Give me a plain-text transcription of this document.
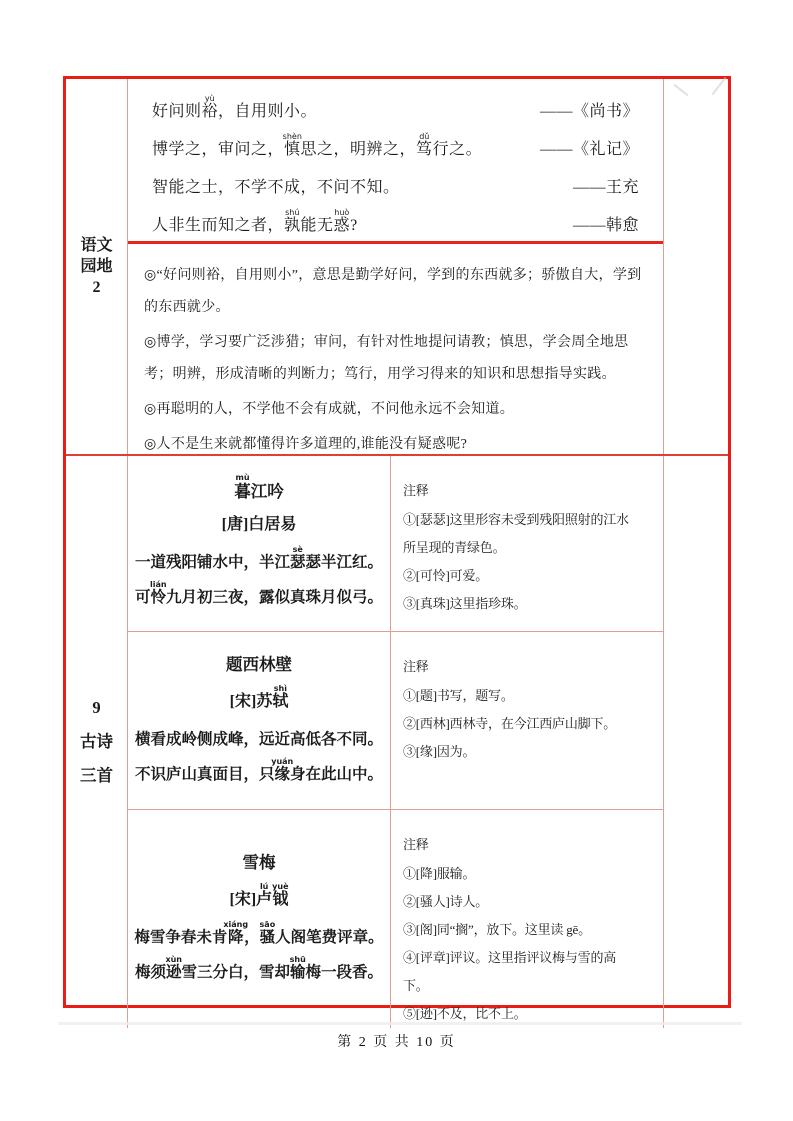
语文
园地
2
好问则裕yù，自用则小。	——《尚书》
博学之，审问之，慎shèn思之，明辨之，笃dǔ行之。	——《礼记》
智能之士，不学不成，不问不知。	——王充
人非生而知之者，孰shú能无惑huò?	——韩愈

◎“好问则裕，自用则小”，意思是勤学好问，学到的东西就多；骄傲自大，学到的东西就少。

◎博学，学习要广泛涉猎；审问，有针对性地提问请教；慎思，学会周全地思考；明辨，形成清晰的判断力；笃行，用学习得来的知识和思想指导实践。

◎再聪明的人，不学他不会有成就，不问他永远不会知道。

◎人不是生来就都懂得许多道理的,谁能没有疑惑呢?

9
古诗
三首
暮mù江吟
[唐]白居易
一道残阳铺水中，半江瑟sè瑟半江红。
可怜lián九月初三夜，露似真珠月似弓。
注释
①[瑟瑟]这里形容未受到残阳照射的江水所呈现的青绿色。
②[可怜]可爱。
③[真珠]这里指珍珠。
题西林壁
[宋]苏轼shì
横看成岭侧成峰，远近高低各不同。
不识庐山真面目，只缘yuán身在此山中。
注释
①[题]书写，题写。
②[西林]西林寺，在今江西庐山脚下。
③[缘]因为。
雪梅
[宋]卢lú钺yuè
梅雪争春未肯降xiáng，骚sāo人阁笔费评章。
梅须逊xùn雪三分白，雪却输shū梅一段香。
注释
①[降]服输。
②[骚人]诗人。
③[阁]同“搁”，放下。这里读 gē。
④[评章]评议。这里指评议梅与雪的高下。
⑤[逊]不及，比不上。
第 2 页 共 10 页
